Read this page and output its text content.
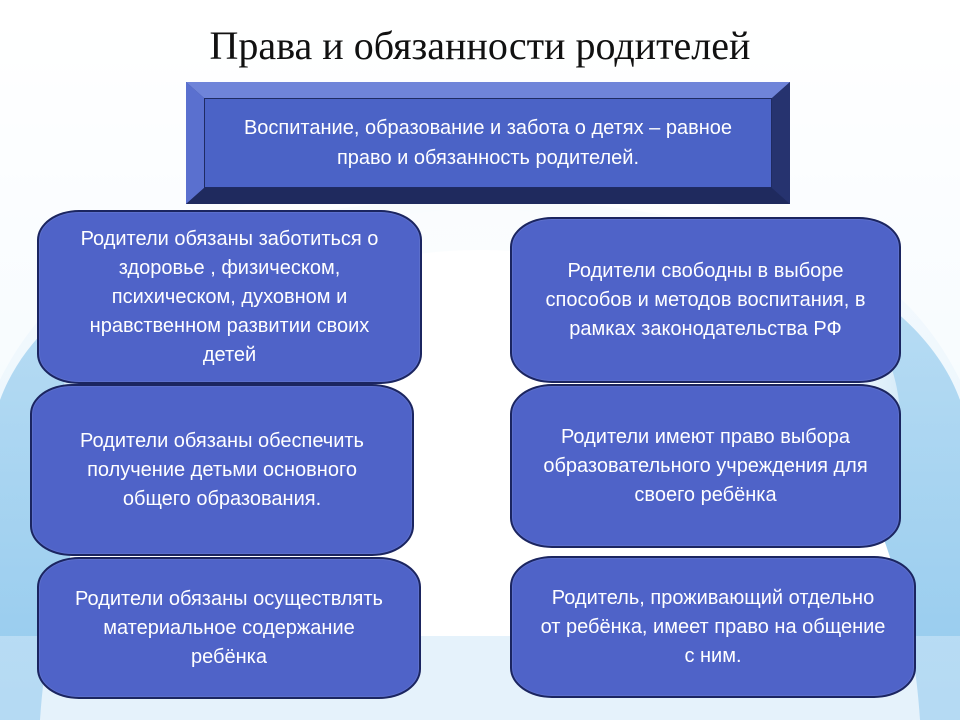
Права и обязанности родителей
Воспитание, образование и забота о детях – равное право и обязанность родителей.
Родители обязаны заботиться о здоровье , физическом, психическом, духовном и нравственном развитии своих детей
Родители обязаны обеспечить получение детьми основного общего образования.
Родители обязаны осуществлять материальное содержание ребёнка
Родители свободны в выборе способов и методов воспитания, в рамках законодательства РФ
Родители имеют право выбора образовательного учреждения для своего ребёнка
Родитель, проживающий отдельно от ребёнка, имеет право на общение с ним.
